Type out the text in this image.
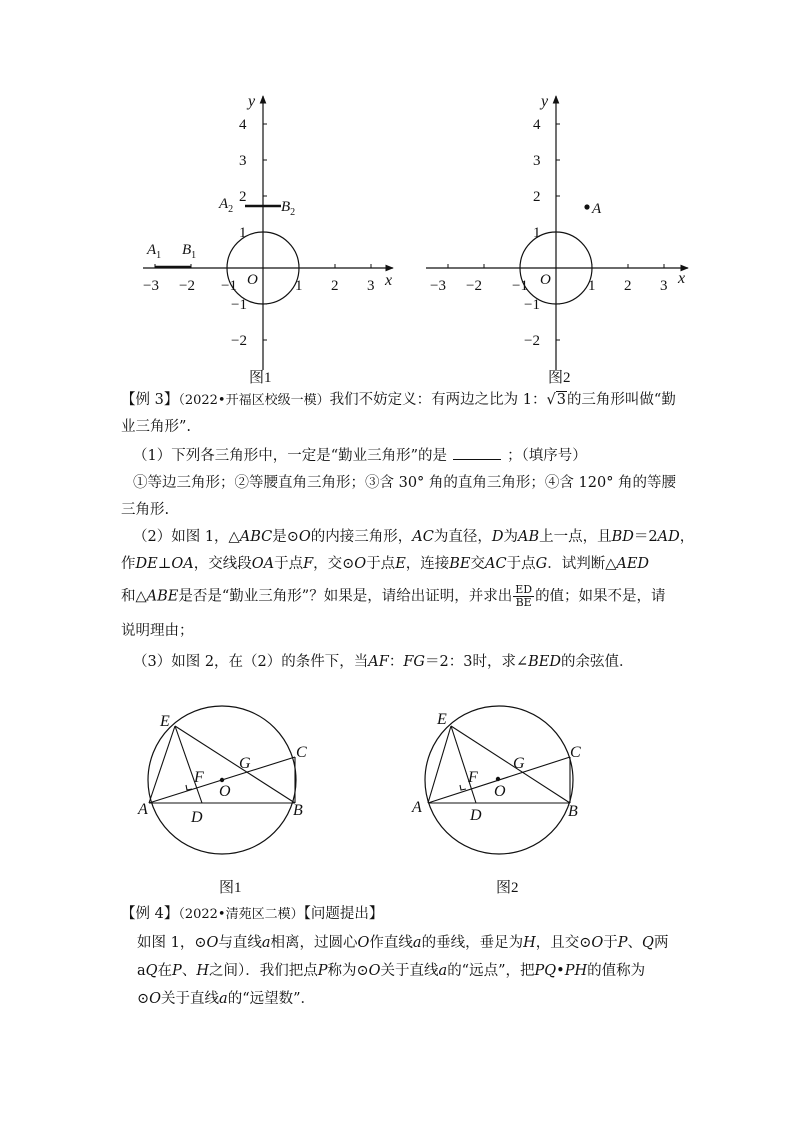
x
y
O
−3 −2 −1	1 2 3
−2
−1
1
2
3
4
$A_1$ $B_1$
$A_2$	$B_2$
图1
x
y
O
−3 −2 −1	1 2 3
−2
−1
1
2
3
4
A
图2
【例 3】（2022•开福区校级一模）我们不妨定义：有两边之比为 1：√3的三角形叫做“勤
业三角形”.
（1）下列各三角形中，一定是“勤业三角形”的是	；（填序号）
①等边三角形；②等腰直角三角形；③含 30° 角的直角三角形；④含 120° 角的等腰
三角形.
（2）如图 1，△ABC是⊙O的内接三角形，AC为直径，D为AB上一点，且BD＝2AD，
作DE⊥OA，交线段OA于点F，交⊙O于点E，连接BE交AC于点G．试判断△AED
和△ABE是否是“勤业三角形”？如果是，请给出证明，并求出 $\frac{ED}{BE}$ 的值；如果不是，请
说明理由；
（3）如图 2，在（2）的条件下，当AF：FG＝2：3时，求∠BED的余弦值．
E
F
G
C
O
A	D	B
图1
E
F
G
C
O
A	D	B
图2
【例 4】（2022•清苑区二模）【问题提出】
如图 1，⊙O与直线a相离，过圆心O作直线a的垂线，垂足为H，且交⊙O于P、Q两
aQ在P、H之间）．我们把点P称为⊙O关于直线a的“远点”，把PQ•PH的值称为
⊙O关于直线a的“远望数”．
